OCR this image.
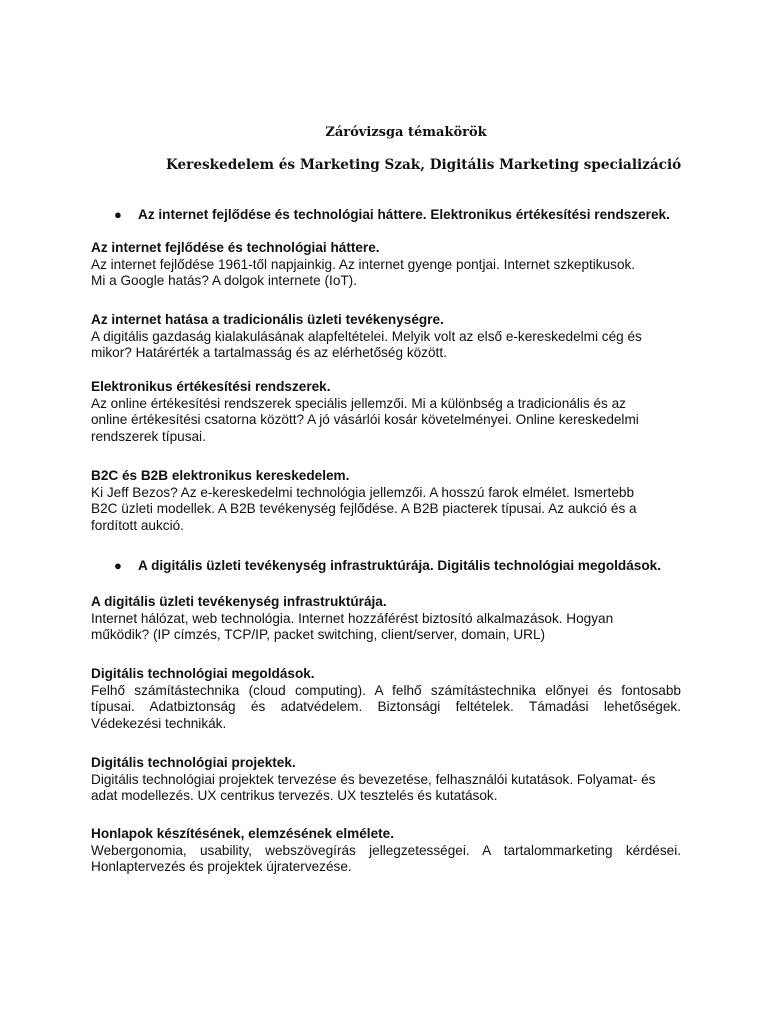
Záróvizsga témakörök
Kereskedelem és Marketing Szak, Digitális Marketing specializáció
● Az internet fejlődése és technológiai háttere. Elektronikus értékesítési rendszerek.
Az internet fejlődése és technológiai háttere.

Az internet fejlődése 1961-től napjainkig. Az internet gyenge pontjai. Internet szkeptikusok.
Mi a Google hatás? A dolgok internete (IoT).

Az internet hatása a tradicionális üzleti tevékenységre.

A digitális gazdaság kialakulásának alapfeltételei. Melyik volt az első e-kereskedelmi cég és
mikor? Határérték a tartalmasság és az elérhetőség között.

Elektronikus értékesítési rendszerek.

Az online értékesítési rendszerek speciális jellemzői. Mi a különbség a tradicionális és az
online értékesítési csatorna között? A jó vásárlói kosár követelményei. Online kereskedelmi
rendszerek típusai.

B2C és B2B elektronikus kereskedelem.

Ki Jeff Bezos? Az e-kereskedelmi technológia jellemzői. A hosszú farok elmélet. Ismertebb
B2C üzleti modellek. A B2B tevékenység fejlődése. A B2B piacterek típusai. Az aukció és a
fordított aukció.

● A digitális üzleti tevékenység infrastruktúrája. Digitális technológiai megoldások.
A digitális üzleti tevékenység infrastruktúrája.

Internet hálózat, web technológia. Internet hozzáférést biztosító alkalmazások. Hogyan
működik? (IP címzés, TCP/IP, packet switching, client/server, domain, URL)

Digitális technológiai megoldások.

Felhő számítástechnika (cloud computing). A felhő számítástechnika előnyei és fontosabb
típusai. Adatbiztonság és adatvédelem. Biztonsági feltételek. Támadási lehetőségek.
Védekezési technikák.

Digitális technológiai projektek.

Digitális technológiai projektek tervezése és bevezetése, felhasználói kutatások. Folyamat- és
adat modellezés. UX centrikus tervezés. UX tesztelés és kutatások.

Honlapok készítésének, elemzésének elmélete.

Webergonomia, usability, webszövegírás jellegzetességei. A tartalommarketing kérdései.
Honlaptervezés és projektek újratervezése.
